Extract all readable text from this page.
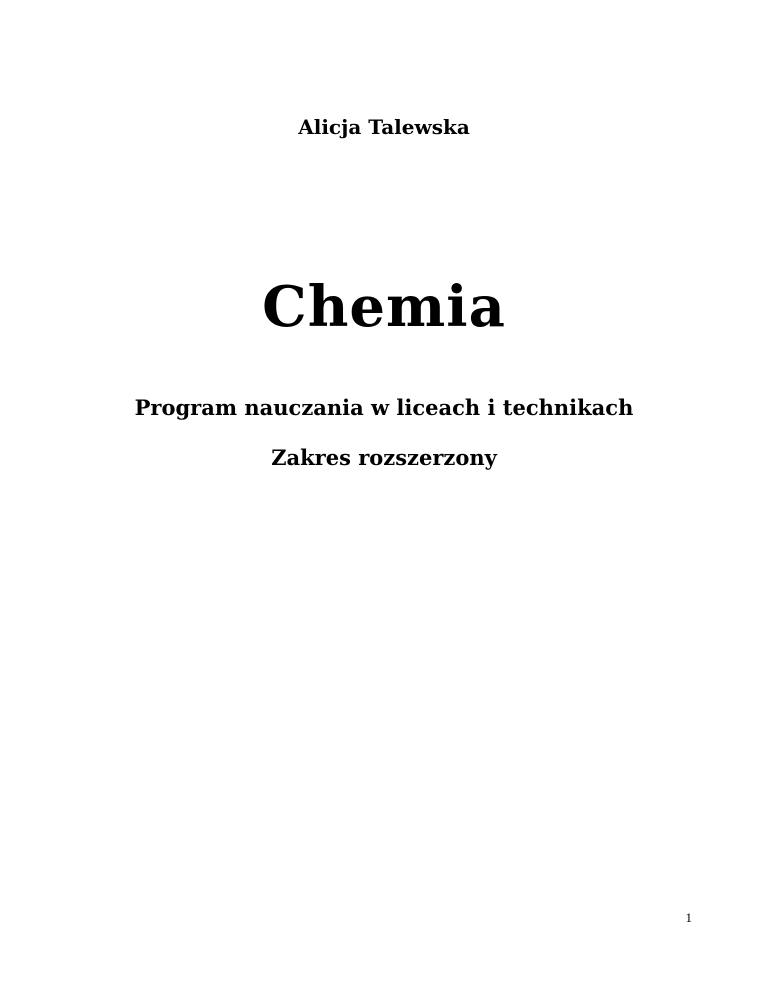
Alicja Talewska

Chemia
Program nauczania w liceach i technikach
Zakres rozszerzony
1
